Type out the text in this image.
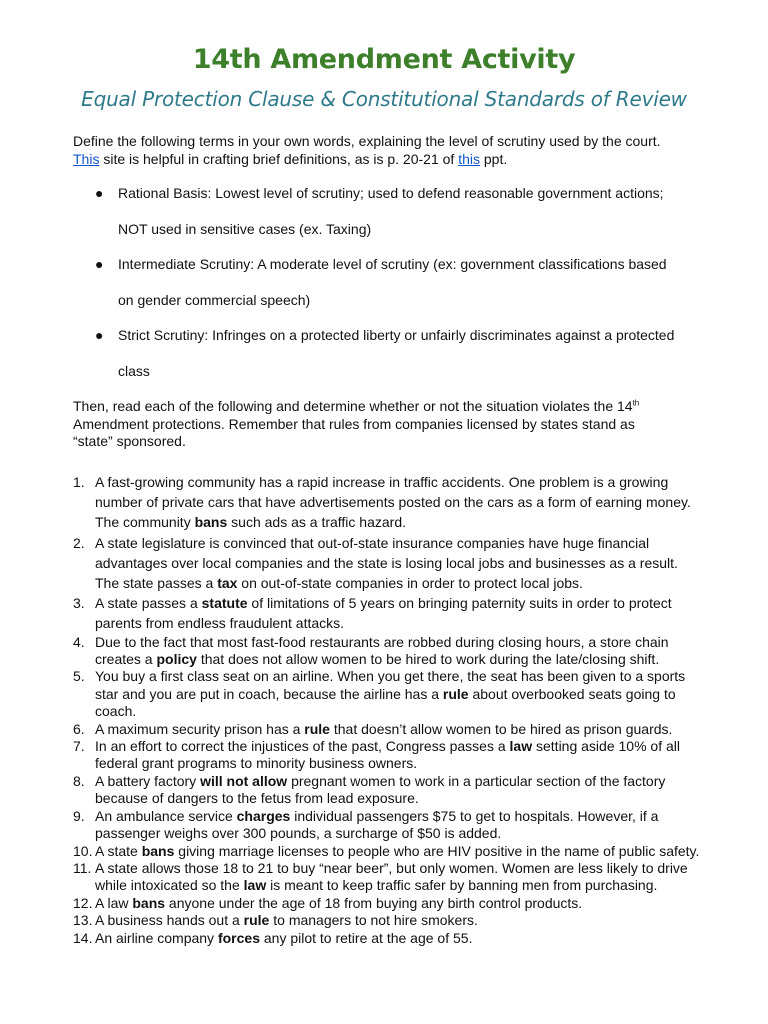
14th Amendment Activity
Equal Protection Clause & Constitutional Standards of Review
Define the following terms in your own words, explaining the level of scrutiny used by the court.
This site is helpful in crafting brief definitions, as is p. 20-21 of this ppt.
● Rational Basis: Lowest level of scrutiny; used to defend reasonable government actions;
NOT used in sensitive cases (ex. Taxing)
● Intermediate Scrutiny: A moderate level of scrutiny (ex: government classifications based
on gender commercial speech)
● Strict Scrutiny: Infringes on a protected liberty or unfairly discriminates against a protected
class
Then, read each of the following and determine whether or not the situation violates the 14th
Amendment protections. Remember that rules from companies licensed by states stand as
“state” sponsored.
1. A fast-growing community has a rapid increase in traffic accidents. One problem is a growing number of private cars that have advertisements posted on the cars as a form of earning money. The community bans such ads as a traffic hazard.
2. A state legislature is convinced that out-of-state insurance companies have huge financial advantages over local companies and the state is losing local jobs and businesses as a result. The state passes a tax on out-of-state companies in order to protect local jobs.
3. A state passes a statute of limitations of 5 years on bringing paternity suits in order to protect parents from endless fraudulent attacks.
4. Due to the fact that most fast-food restaurants are robbed during closing hours, a store chain creates a policy that does not allow women to be hired to work during the late/closing shift.
5. You buy a first class seat on an airline. When you get there, the seat has been given to a sports star and you are put in coach, because the airline has a rule about overbooked seats going to coach.
6. A maximum security prison has a rule that doesn’t allow women to be hired as prison guards.
7. In an effort to correct the injustices of the past, Congress passes a law setting aside 10% of all federal grant programs to minority business owners.
8. A battery factory will not allow pregnant women to work in a particular section of the factory because of dangers to the fetus from lead exposure.
9. An ambulance service charges individual passengers $75 to get to hospitals. However, if a passenger weighs over 300 pounds, a surcharge of $50 is added.
10. A state bans giving marriage licenses to people who are HIV positive in the name of public safety.
11. A state allows those 18 to 21 to buy “near beer”, but only women. Women are less likely to drive while intoxicated so the law is meant to keep traffic safer by banning men from purchasing.
12. A law bans anyone under the age of 18 from buying any birth control products.
13. A business hands out a rule to managers to not hire smokers.
14. An airline company forces any pilot to retire at the age of 55.
